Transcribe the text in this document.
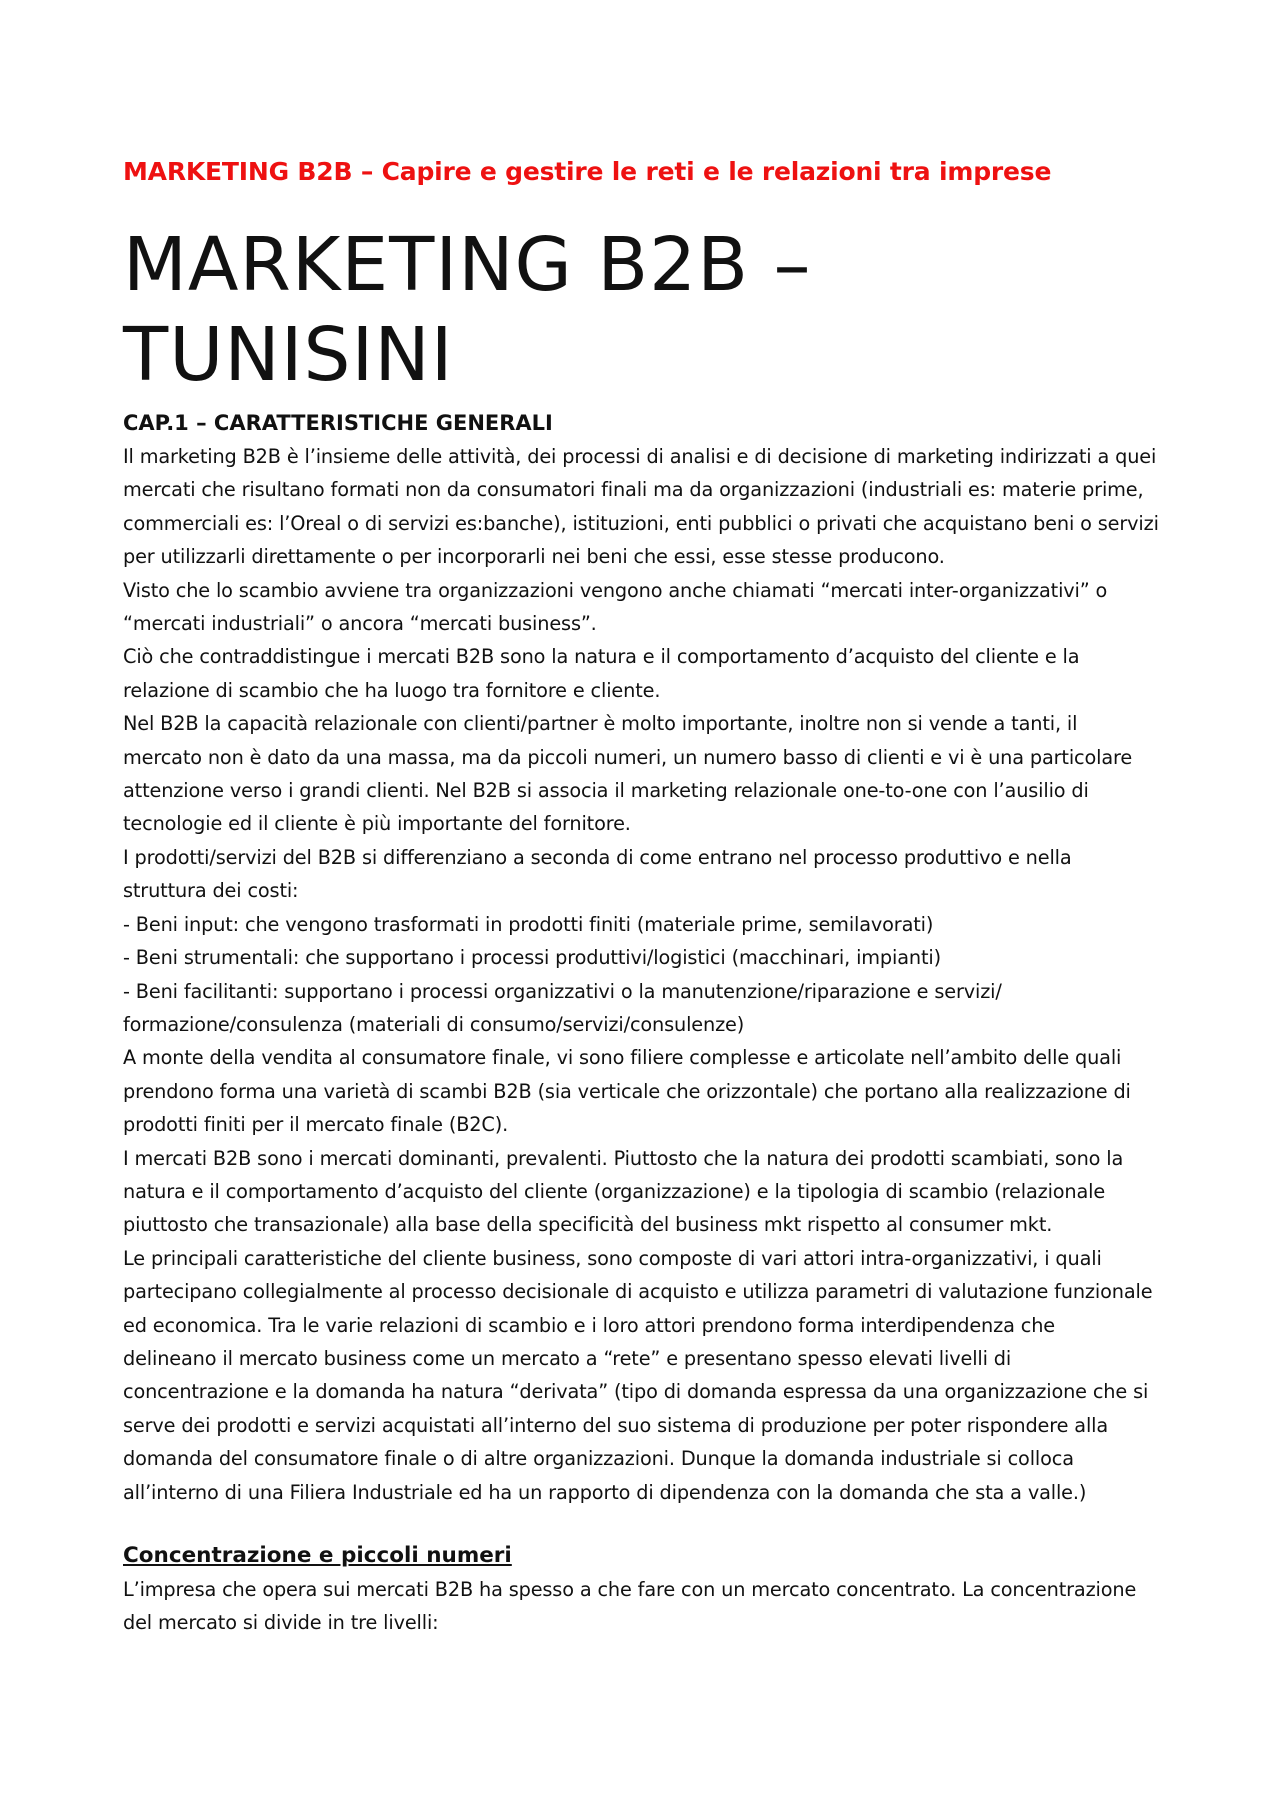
MARKETING B2B – Capire e gestire le reti e le relazioni tra imprese
MARKETING B2B –
TUNISINI
CAP.1 – CARATTERISTICHE GENERALI

Il marketing B2B è l’insieme delle attività, dei processi di analisi e di decisione di marketing indirizzati a quei
mercati che risultano formati non da consumatori finali ma da organizzazioni (industriali es: materie prime,
commerciali es: l’Oreal o di servizi es:banche), istituzioni, enti pubblici o privati che acquistano beni o servizi
per utilizzarli direttamente o per incorporarli nei beni che essi, esse stesse producono.
Visto che lo scambio avviene tra organizzazioni vengono anche chiamati “mercati inter-organizzativi” o
“mercati industriali” o ancora “mercati business”.
Ciò che contraddistingue i mercati B2B sono la natura e il comportamento d’acquisto del cliente e la
relazione di scambio che ha luogo tra fornitore e cliente.
Nel B2B la capacità relazionale con clienti/partner è molto importante, inoltre non si vende a tanti, il
mercato non è dato da una massa, ma da piccoli numeri, un numero basso di clienti e vi è una particolare
attenzione verso i grandi clienti. Nel B2B si associa il marketing relazionale one-to-one con l’ausilio di
tecnologie ed il cliente è più importante del fornitore.
I prodotti/servizi del B2B si differenziano a seconda di come entrano nel processo produttivo e nella
struttura dei costi:
- Beni input: che vengono trasformati in prodotti finiti (materiale prime, semilavorati)
- Beni strumentali: che supportano i processi produttivi/logistici (macchinari, impianti)
- Beni facilitanti: supportano i processi organizzativi o la manutenzione/riparazione e servizi/
formazione/consulenza (materiali di consumo/servizi/consulenze)
A monte della vendita al consumatore finale, vi sono filiere complesse e articolate nell’ambito delle quali
prendono forma una varietà di scambi B2B (sia verticale che orizzontale) che portano alla realizzazione di
prodotti finiti per il mercato finale (B2C).
I mercati B2B sono i mercati dominanti, prevalenti. Piuttosto che la natura dei prodotti scambiati, sono la
natura e il comportamento d’acquisto del cliente (organizzazione) e la tipologia di scambio (relazionale
piuttosto che transazionale) alla base della specificità del business mkt rispetto al consumer mkt.
Le principali caratteristiche del cliente business, sono composte di vari attori intra-organizzativi, i quali
partecipano collegialmente al processo decisionale di acquisto e utilizza parametri di valutazione funzionale
ed economica. Tra le varie relazioni di scambio e i loro attori prendono forma interdipendenza che
delineano il mercato business come un mercato a “rete” e presentano spesso elevati livelli di
concentrazione e la domanda ha natura “derivata” (tipo di domanda espressa da una organizzazione che si
serve dei prodotti e servizi acquistati all’interno del suo sistema di produzione per poter rispondere alla
domanda del consumatore finale o di altre organizzazioni. Dunque la domanda industriale si colloca
all’interno di una Filiera Industriale ed ha un rapporto di dipendenza con la domanda che sta a valle.)

Concentrazione e piccoli numeri

L’impresa che opera sui mercati B2B ha spesso a che fare con un mercato concentrato. La concentrazione
del mercato si divide in tre livelli:
